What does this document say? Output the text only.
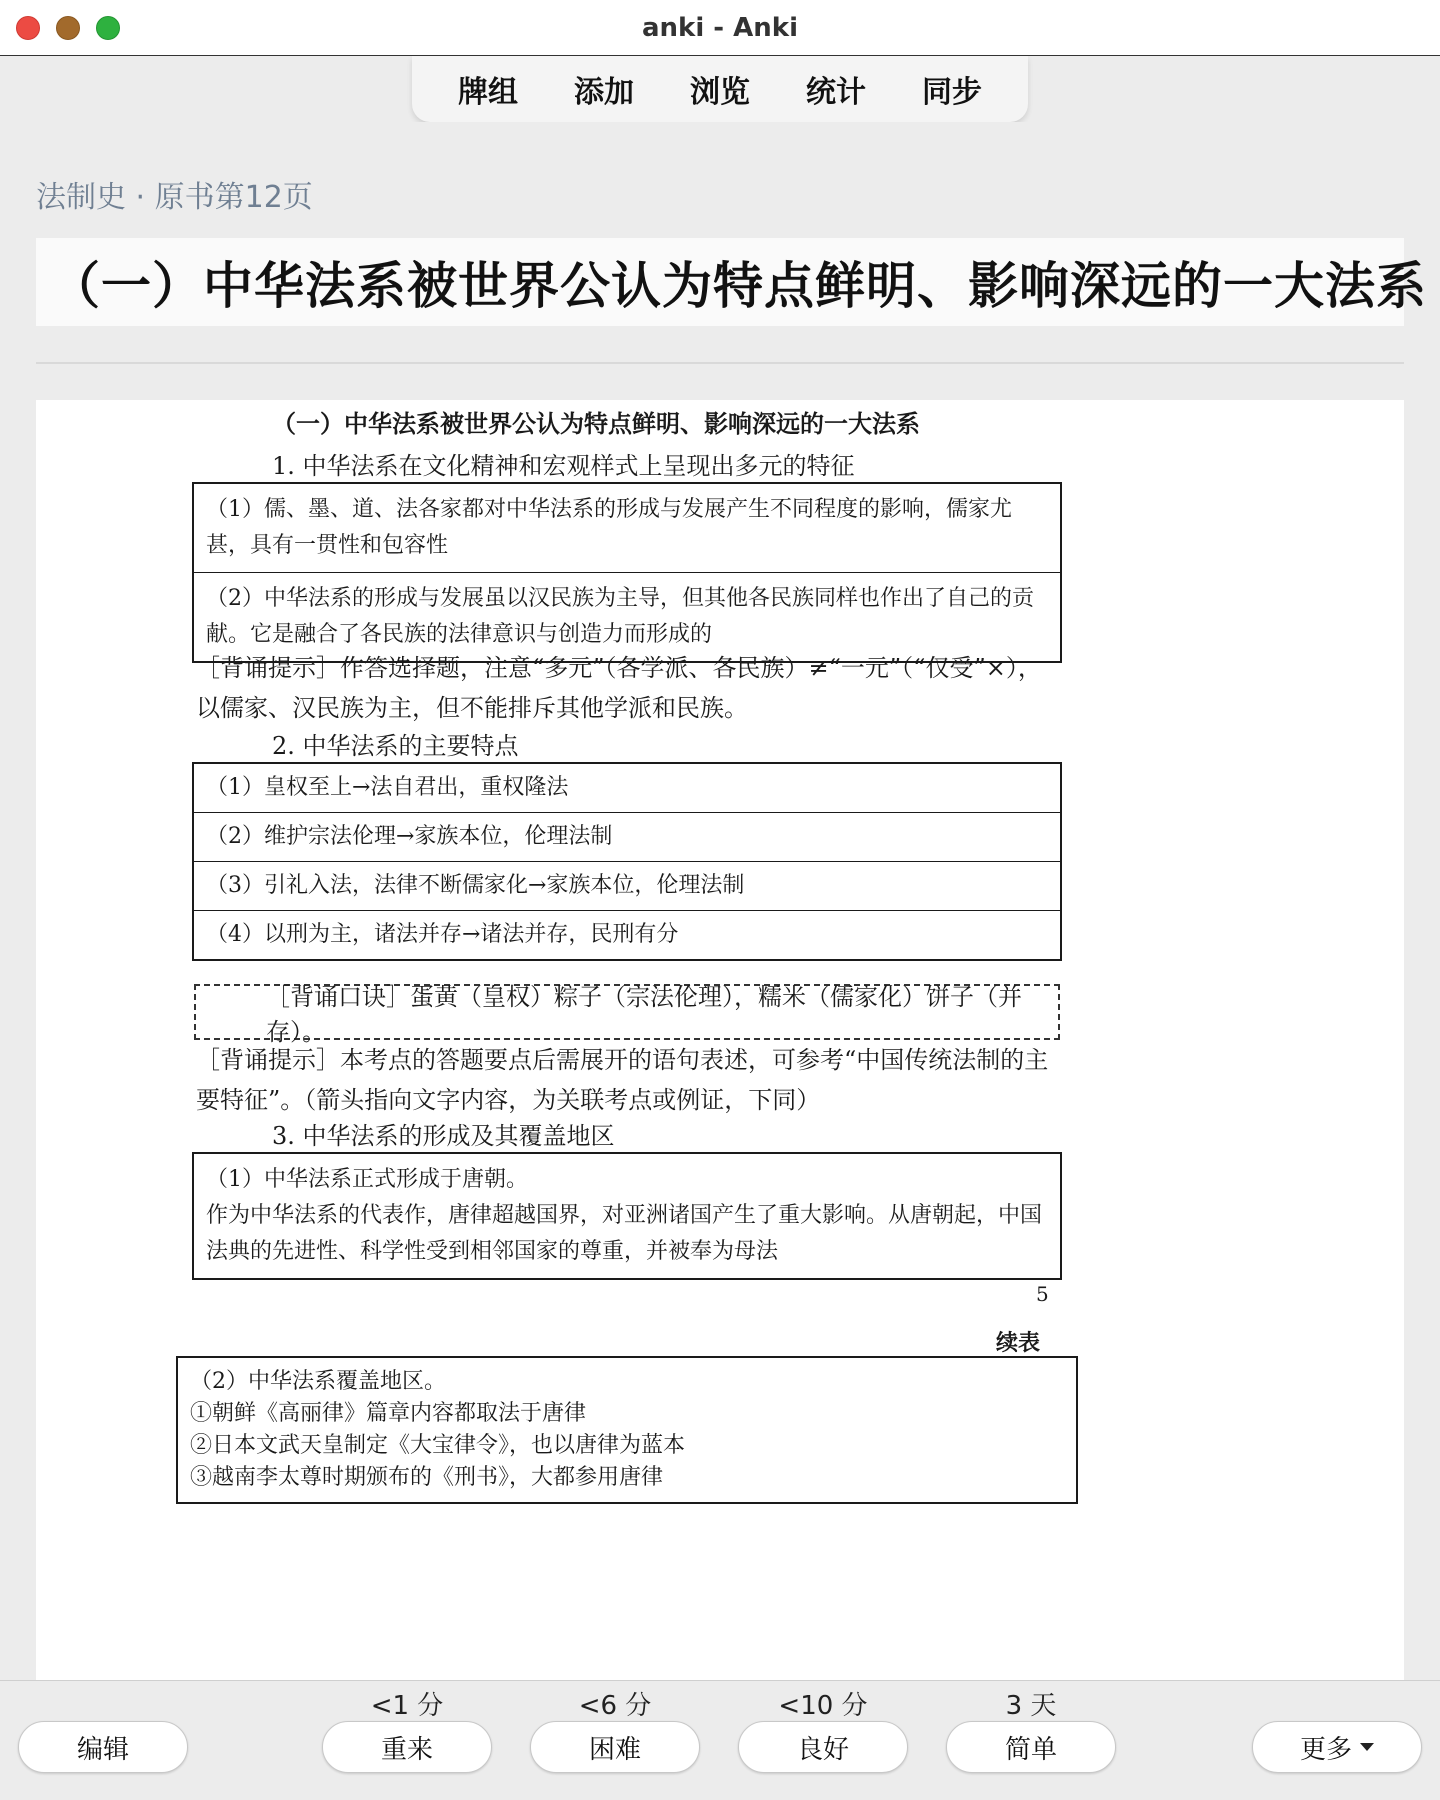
anki - Anki
牌组	添加	浏览	统计	同步
法制史 · 原书第12页
（一）中华法系被世界公认为特点鲜明、影响深远的一大法系
（一）中华法系被世界公认为特点鲜明、影响深远的一大法系
1. 中华法系在文化精神和宏观样式上呈现出多元的特征
（1）儒、墨、道、法各家都对中华法系的形成与发展产生不同程度的影响，儒家尤甚，具有一贯性和包容性
（2）中华法系的形成与发展虽以汉民族为主导，但其他各民族同样也作出了自己的贡献。它是融合了各民族的法律意识与创造力而形成的
［背诵提示］作答选择题，注意“多元”（各学派、各民族）≠“一元”（“仅受”×），以儒家、汉民族为主，但不能排斥其他学派和民族。
2. 中华法系的主要特点
（1）皇权至上→法自君出，重权隆法
（2）维护宗法伦理→家族本位，伦理法制
（3）引礼入法，法律不断儒家化→家族本位，伦理法制
（4）以刑为主，诸法并存→诸法并存，民刑有分
［背诵口诀］蛋黄（皇权）粽子（宗法伦理），糯米（儒家化）饼子（并存）。
［背诵提示］本考点的答题要点后需展开的语句表述，可参考“中国传统法制的主要特征”。（箭头指向文字内容，为关联考点或例证，下同）
3. 中华法系的形成及其覆盖地区
（1）中华法系正式形成于唐朝。
作为中华法系的代表作，唐律超越国界，对亚洲诸国产生了重大影响。从唐朝起，中国法典的先进性、科学性受到相邻国家的尊重，并被奉为母法
5
续表
（2）中华法系覆盖地区。
①朝鲜《高丽律》篇章内容都取法于唐律
②日本文武天皇制定《大宝律令》，也以唐律为蓝本
③越南李太尊时期颁布的《刑书》，大都参用唐律
编辑
<1 分
重来
<6 分
困难
<10 分
良好
3 天
简单	更多
